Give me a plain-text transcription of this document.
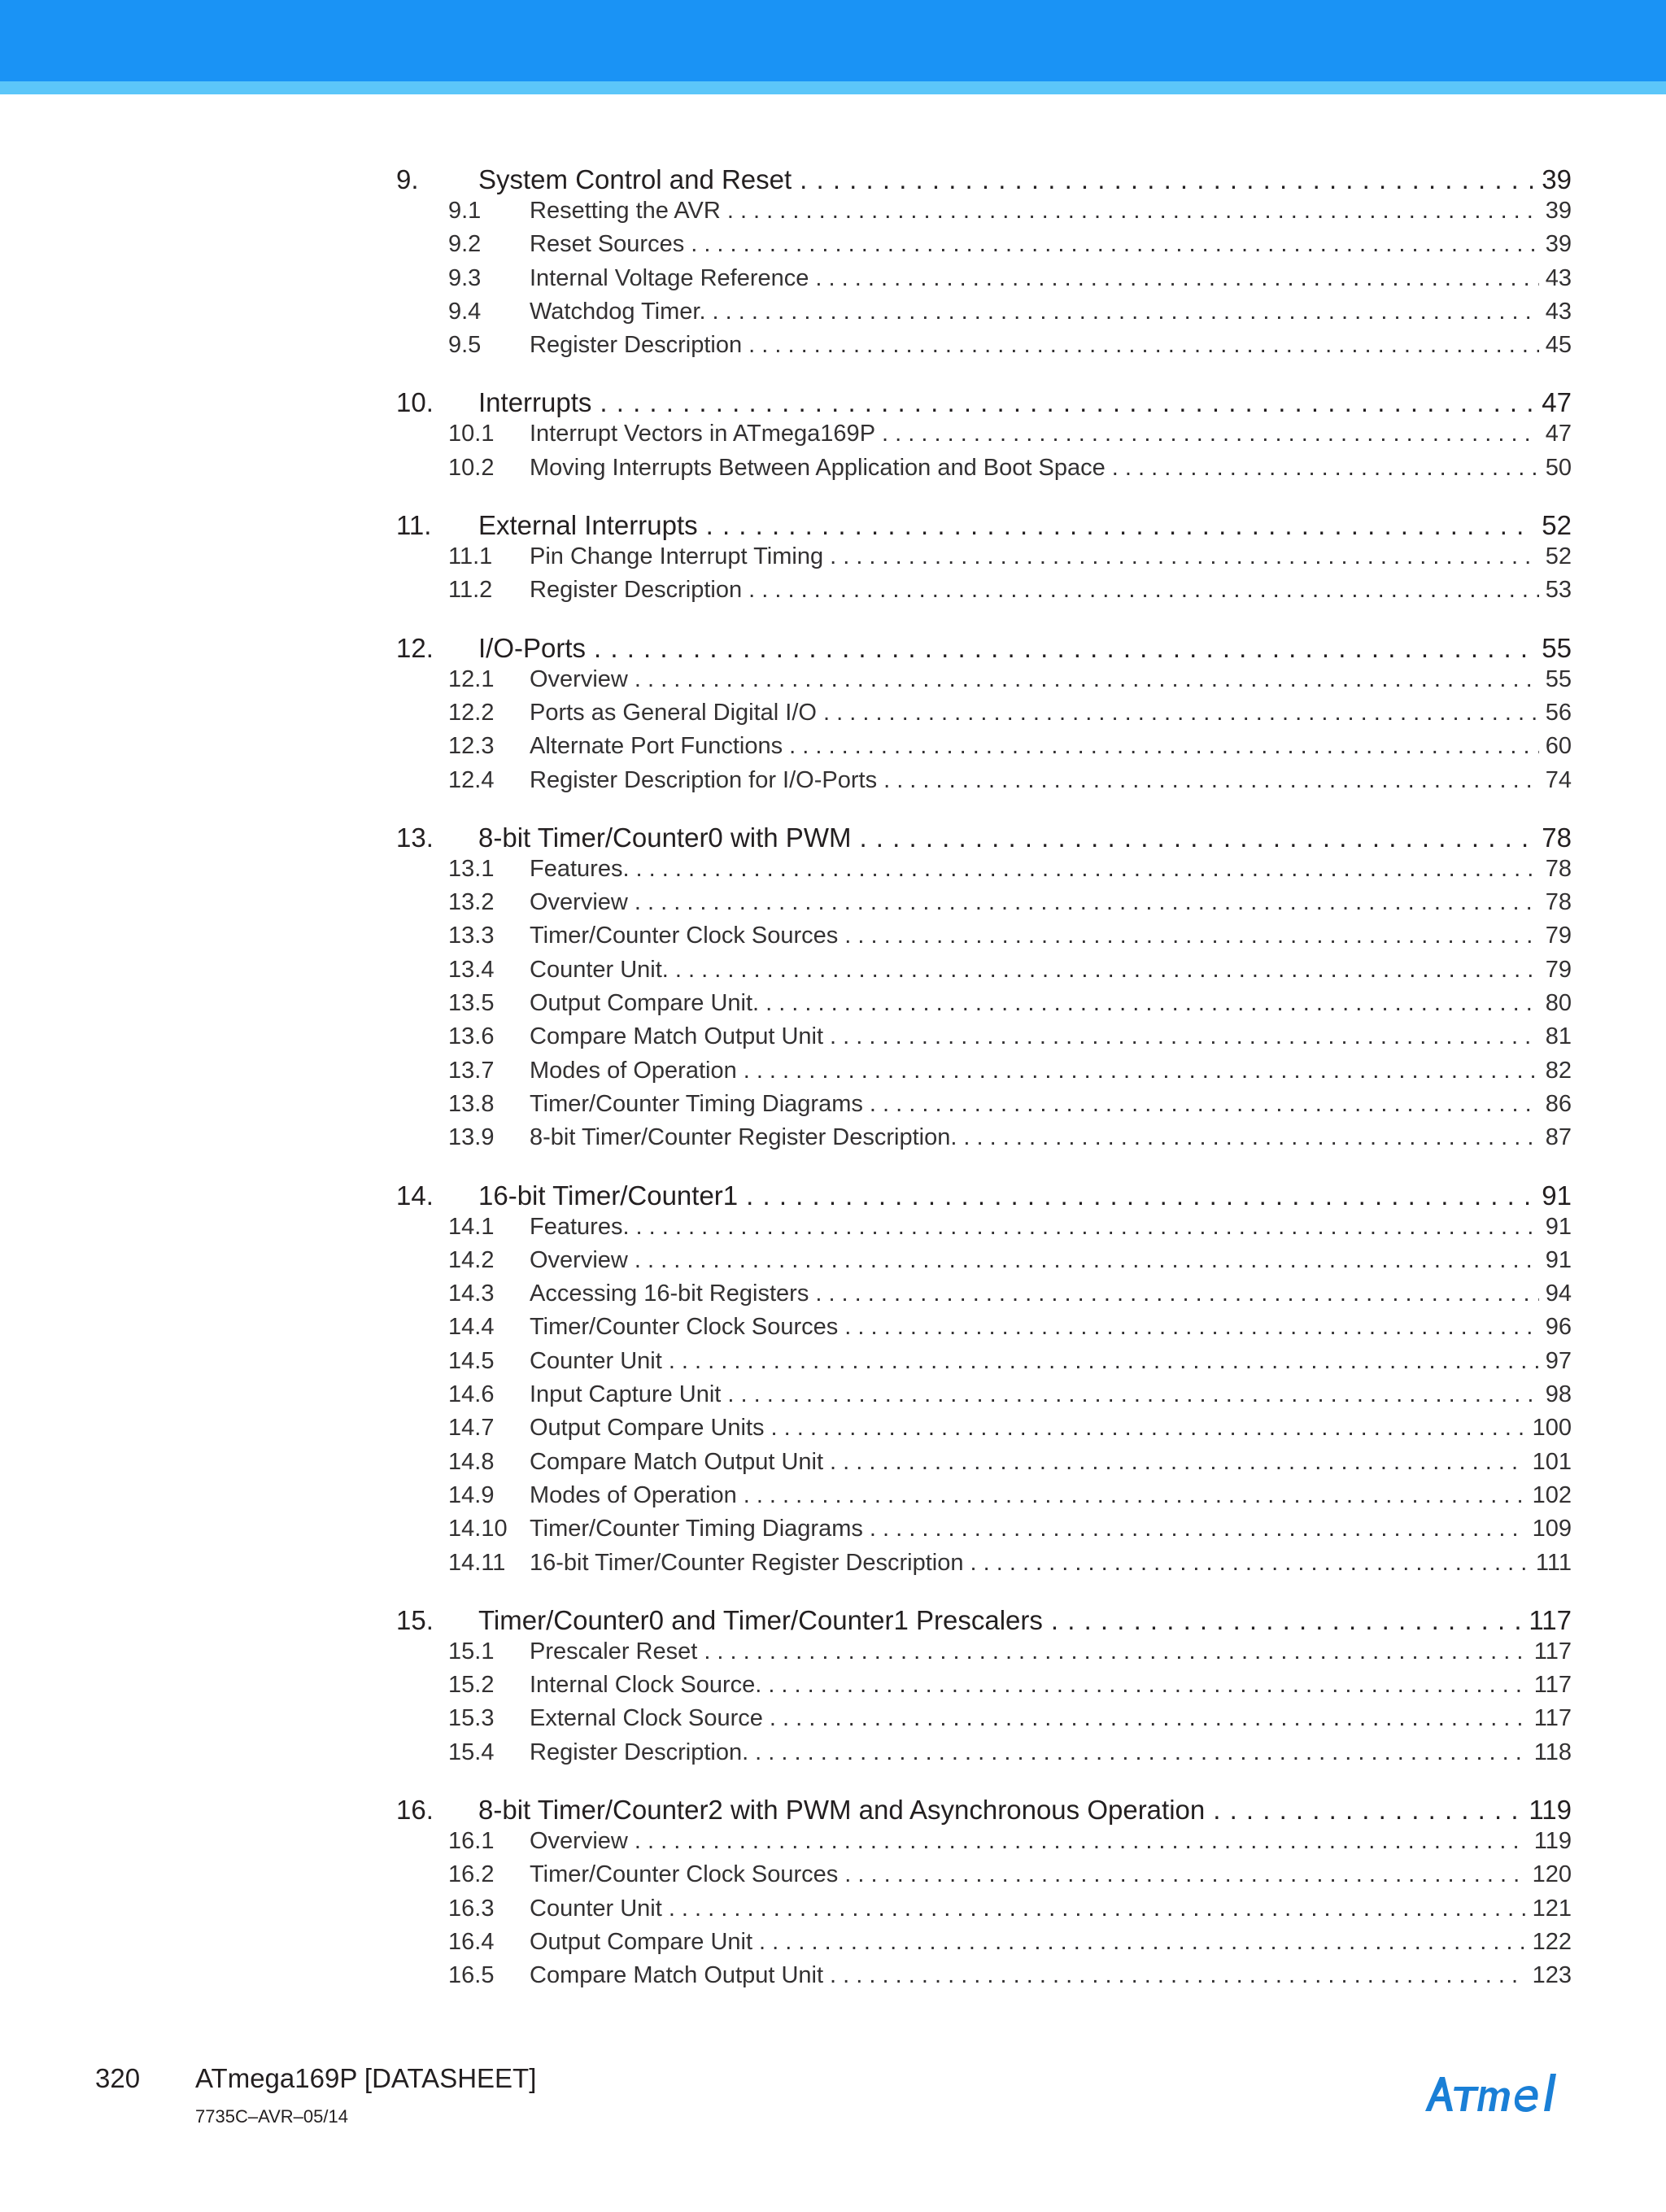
9.	System Control and Reset . . .	39
9.1	Resetting the AVR . . .	39
9.2	Reset Sources . . .	39
9.3	Internal Voltage Reference . . .	43
9.4	Watchdog Timer. . . .	43
9.5	Register Description . . .	45
10.	Interrupts . . .	47
10.1	Interrupt Vectors in ATmega169P . . .	47
10.2	Moving Interrupts Between Application and Boot Space . . .	50
11.	External Interrupts . . .	52
11.1	Pin Change Interrupt Timing . . .	52
11.2	Register Description . . .	53
12.	I/O-Ports . . .	55
12.1	Overview . . .	55
12.2	Ports as General Digital I/O . . .	56
12.3	Alternate Port Functions . . .	60
12.4	Register Description for I/O-Ports . . .	74
13.	8-bit Timer/Counter0 with PWM . . .	78
13.1	Features. . . .	78
13.2	Overview . . .	78
13.3	Timer/Counter Clock Sources . . .	79
13.4	Counter Unit. . . .	79
13.5	Output Compare Unit. . . .	80
13.6	Compare Match Output Unit . . .	81
13.7	Modes of Operation . . .	82
13.8	Timer/Counter Timing Diagrams . . .	86
13.9	8-bit Timer/Counter Register Description. . . .	87
14.	16-bit Timer/Counter1 . . .	91
14.1	Features. . . .	91
14.2	Overview . . .	91
14.3	Accessing 16-bit Registers . . .	94
14.4	Timer/Counter Clock Sources . . .	96
14.5	Counter Unit . . .	97
14.6	Input Capture Unit . . .	98
14.7	Output Compare Units . . .	100
14.8	Compare Match Output Unit . . .	101
14.9	Modes of Operation . . .	102
14.10 Timer/Counter Timing Diagrams . . .	109
14.11	16-bit Timer/Counter Register Description . . .	111
15.	Timer/Counter0 and Timer/Counter1 Prescalers . . .	117
15.1	Prescaler Reset . . .	117
15.2	Internal Clock Source. . . .	117
15.3	External Clock Source . . .	117
15.4	Register Description. . . .	118
16.	8-bit Timer/Counter2 with PWM and Asynchronous Operation . . .	119
16.1	Overview . . .	119
16.2	Timer/Counter Clock Sources . . .	120
16.3	Counter Unit . . .	121
16.4	Output Compare Unit . . .	122
16.5	Compare Match Output Unit . . .	123
320 ATmega169P [DATASHEET]
7735C–AVR–05/14
Atmel
